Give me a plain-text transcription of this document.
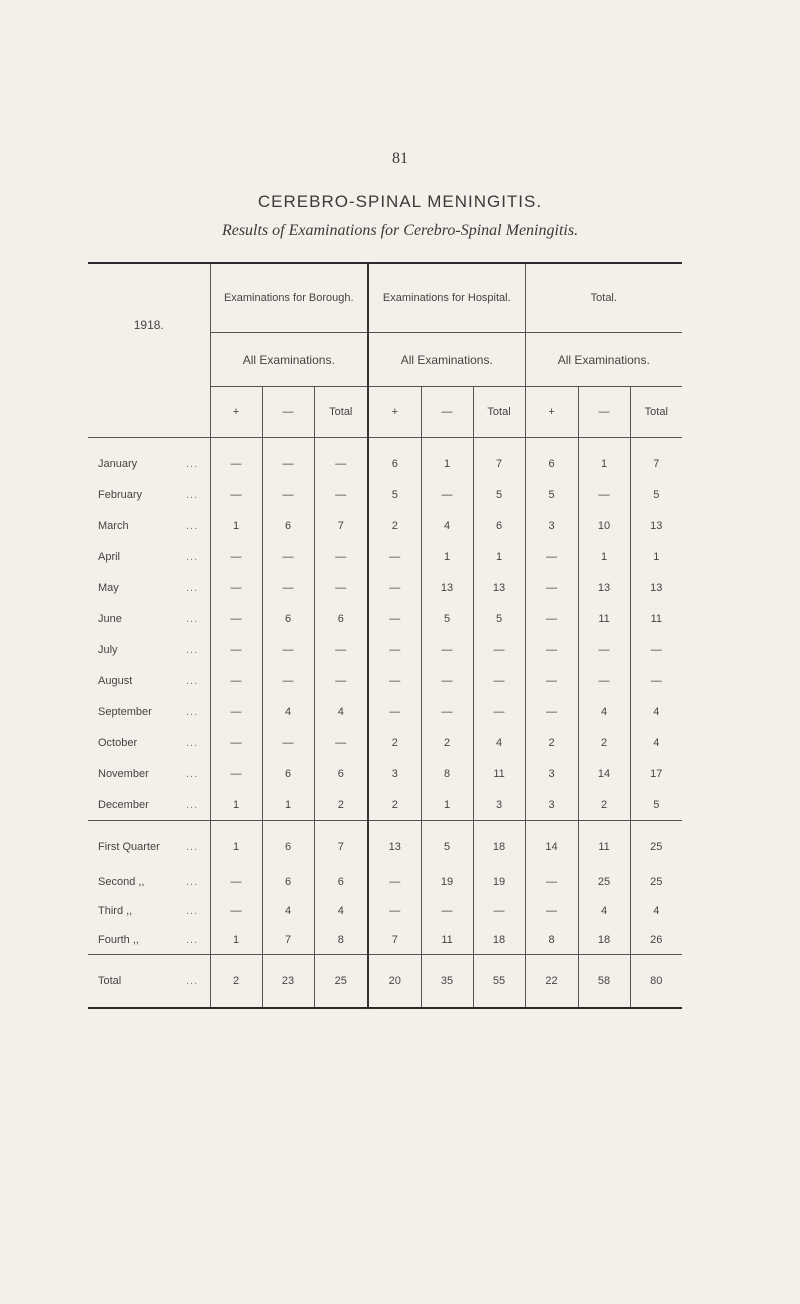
81
CEREBRO-SPINAL MENINGITIS.
Results of Examinations for Cerebro-Spinal Meningitis.
1918.	Examinations for Borough.			Examinations for Hospital.			Total.		
	All Examinations.			All Examinations.			All Examinations.		
	+	—	Total	+	—	Total	+	—	Total
January ...	—	—	—	6	1	7	6	1	7
February ...	—	—	—	5	—	5	5	—	5
March ...	1	6	7	2	4	6	3	10	13
April ...	—	—	—	—	1	1	—	1	1
May ...	—	—	—	—	13	13	—	13	13
June ...	—	6	6	—	5	5	—	11	11
July ...	—	—	—	—	—	—	—	—	—
August ...	—	—	—	—	—	—	—	—	—
September ...	—	4	4	—	—	—	—	4	4
October ...	—	—	—	2	2	4	2	2	4
November ...	—	6	6	3	8	11	3	14	17
December ...	1	1	2	2	1	3	3	2	5
First Quarter ...	1	6	7	13	5	18	14	11	25
Second ,, ...	—	6	6	—	19	19	—	25	25
Third ,, ...	—	4	4	—	—	—	—	4	4
Fourth ,, ...	1	7	8	7	11	18	8	18	26
Total ...	2	23	25	20	35	55	22	58	80
